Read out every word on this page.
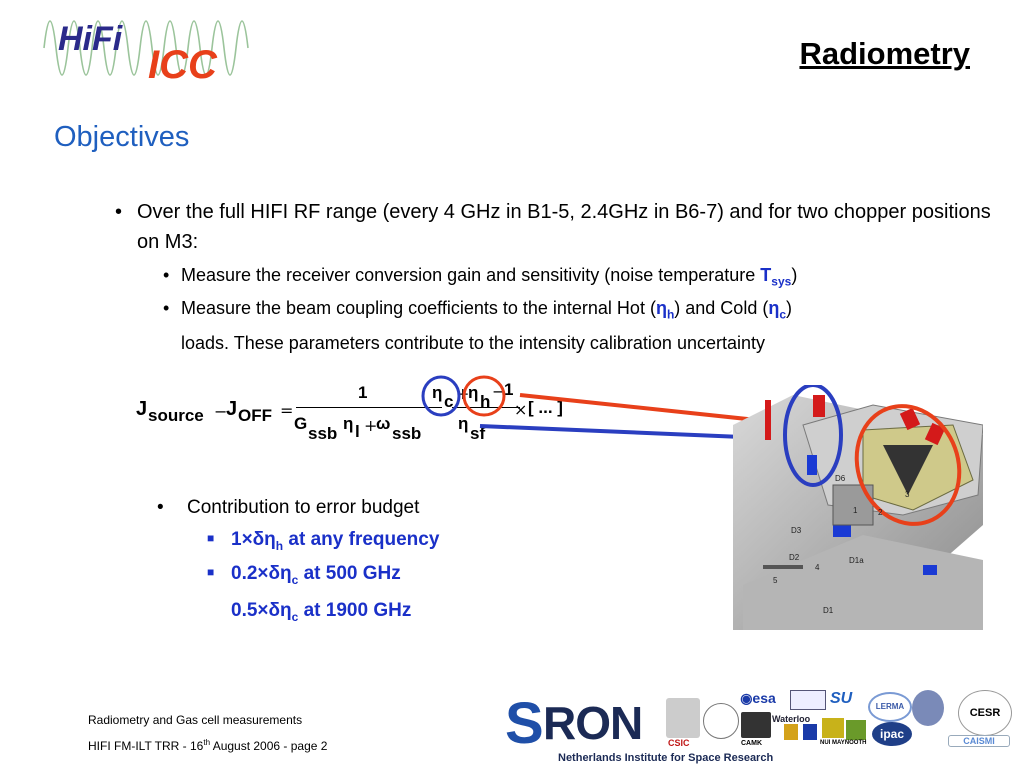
HiFi
ICC	Radiometry
Objectives
• Over the full HIFI RF range (every 4 GHz in B1-5, 2.4GHz in B6-7) and for two chopper positions on M3:
• Measure the receiver conversion gain and sensitivity (noise temperature $T_{sys}$)
• Measure the beam coupling coefficients to the internal Hot $(\eta_h)$ and Cold $(\eta_c)$
loads. These parameters contribute to the intensity calibration uncertainty
J source −
J OFF =
1
G
ssb
η l +
ω
ssb
η c +
η h
−
1
η
sf
× [ ... ]
D6
D3
D2	D1a
D1
1	2
3
4
5
• Contribution to error budget
■ $1\times\delta\eta_h$ at any frequency
■ $0.2\times\delta\eta_c$ at 500 GHz
$0.5\times\delta\eta_c$ at 1900 GHz
Radiometry and Gas cell measurements
HIFI FM-ILT TRR - 16th August 2006 - page 2	S RON
Netherlands Institute for Space Research
CSIC
◉esa
CAMK
Waterloo
SU
NUI MAYNOOTH
LERMA
ipac
CESR
CAISMI
